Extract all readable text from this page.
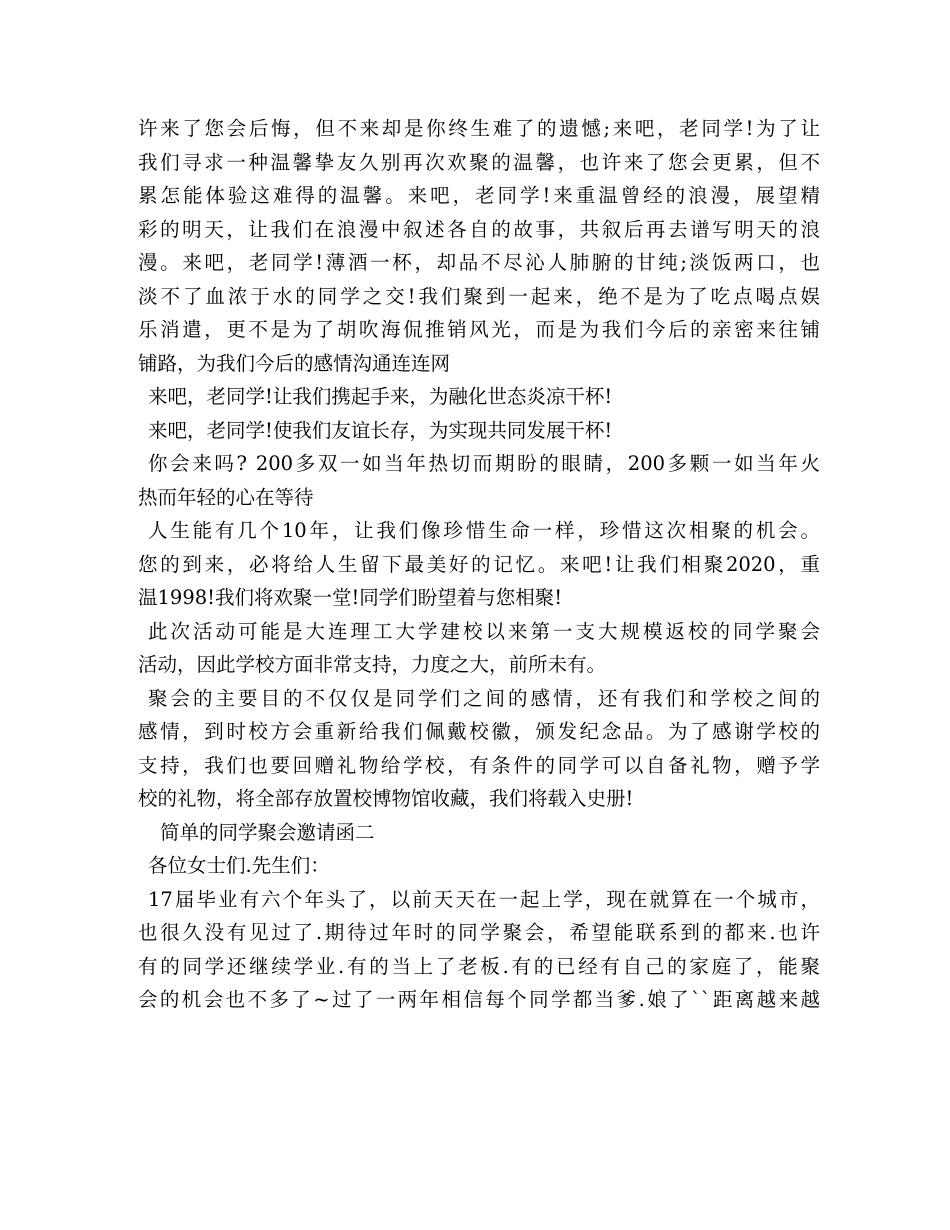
许来了您会后悔，但不来却是你终生难了的遗憾;来吧，老同学!为了让
我们寻求一种温馨挚友久别再次欢聚的温馨，也许来了您会更累，但不
累怎能体验这难得的温馨。来吧，老同学!来重温曾经的浪漫，展望精
彩的明天，让我们在浪漫中叙述各自的故事，共叙后再去谱写明天的浪
漫。来吧，老同学!薄酒一杯，却品不尽沁人肺腑的甘纯;淡饭两口，也
淡不了血浓于水的同学之交!我们聚到一起来，绝不是为了吃点喝点娱
乐消遣，更不是为了胡吹海侃推销风光，而是为我们今后的亲密来往铺
铺路，为我们今后的感情沟通连连网
来吧，老同学!让我们携起手来，为融化世态炎凉干杯!
来吧，老同学!使我们友谊长存，为实现共同发展干杯!
你会来吗? 200多双一如当年热切而期盼的眼睛，200多颗一如当年火
热而年轻的心在等待
人生能有几个10年，让我们像珍惜生命一样，珍惜这次相聚的机会。
您的到来，必将给人生留下最美好的记忆。来吧!让我们相聚2020，重
温1998!我们将欢聚一堂!同学们盼望着与您相聚!
此次活动可能是大连理工大学建校以来第一支大规模返校的同学聚会
活动，因此学校方面非常支持，力度之大，前所未有。
聚会的主要目的不仅仅是同学们之间的感情，还有我们和学校之间的
感情，到时校方会重新给我们佩戴校徽，颁发纪念品。为了感谢学校的
支持，我们也要回赠礼物给学校，有条件的同学可以自备礼物，赠予学
校的礼物，将全部存放置校博物馆收藏，我们将载入史册!
简单的同学聚会邀请函二
各位女士们.先生们：
17届毕业有六个年头了，以前天天在一起上学，现在就算在一个城市，
也很久没有见过了.期待过年时的同学聚会，希望能联系到的都来.也许
有的同学还继续学业.有的当上了老板.有的已经有自己的家庭了，能聚
会的机会也不多了~过了一两年相信每个同学都当爹.娘了``距离越来越
